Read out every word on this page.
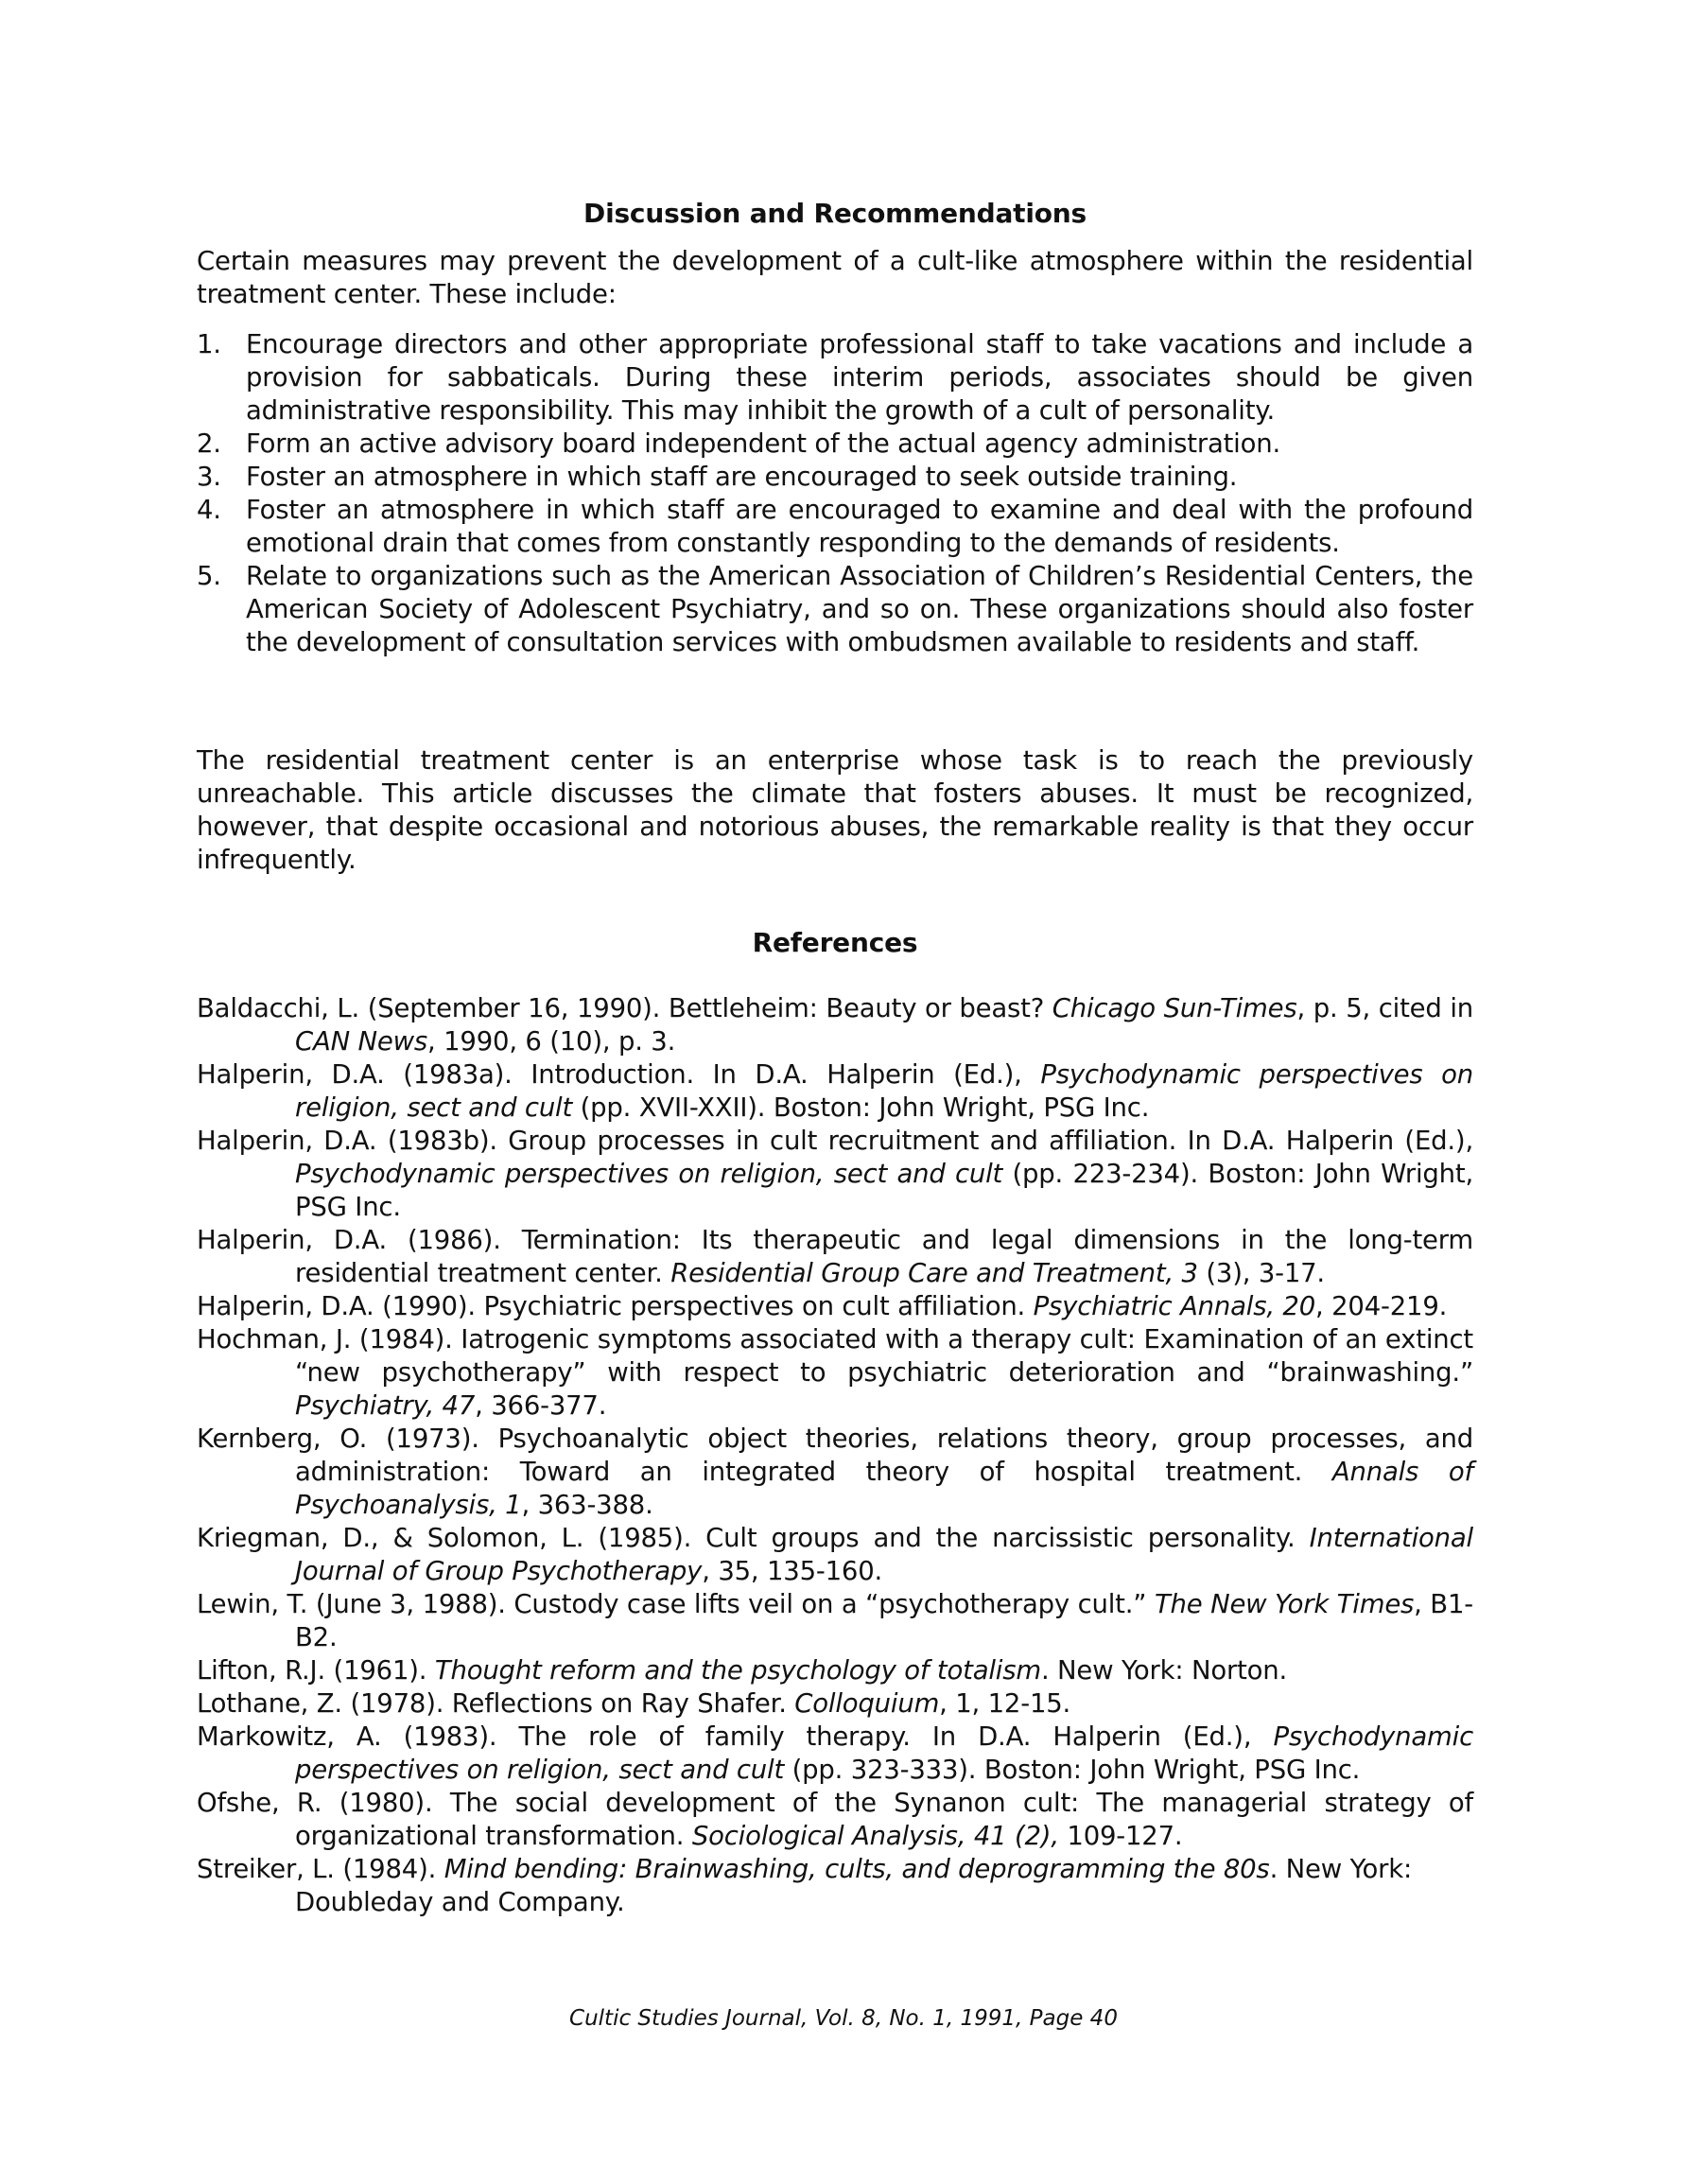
Discussion and Recommendations

Certain measures may prevent the development of a cult-like atmosphere within the residential treatment center. These include:

1. Encourage directors and other appropriate professional staff to take vacations and include a provision for sabbaticals. During these interim periods, associates should be given administrative responsibility. This may inhibit the growth of a cult of personality.
2. Form an active advisory board independent of the actual agency administration.
3. Foster an atmosphere in which staff are encouraged to seek outside training.
4. Foster an atmosphere in which staff are encouraged to examine and deal with the profound emotional drain that comes from constantly responding to the demands of residents.
5. Relate to organizations such as the American Association of Children’s Residential Centers, the American Society of Adolescent Psychiatry, and so on. These organizations should also foster the development of consultation services with ombudsmen available to residents and staff.

The residential treatment center is an enterprise whose task is to reach the previously unreachable. This article discusses the climate that fosters abuses. It must be recognized, however, that despite occasional and notorious abuses, the remarkable reality is that they occur infrequently.

References
Baldacchi, L. (September 16, 1990). Bettleheim: Beauty or beast? Chicago Sun-Times, p. 5, cited in CAN News, 1990, 6 (10), p. 3.
Halperin, D.A. (1983a). Introduction. In D.A. Halperin (Ed.), Psychodynamic perspectives on religion, sect and cult (pp. XVII-XXII). Boston: John Wright, PSG Inc.
Halperin, D.A. (1983b). Group processes in cult recruitment and affiliation. In D.A. Halperin (Ed.), Psychodynamic perspectives on religion, sect and cult (pp. 223-234). Boston: John Wright, PSG Inc.
Halperin, D.A. (1986). Termination: Its therapeutic and legal dimensions in the long-term residential treatment center. Residential Group Care and Treatment, 3 (3), 3-17.
Halperin, D.A. (1990). Psychiatric perspectives on cult affiliation. Psychiatric Annals, 20, 204-219.
Hochman, J. (1984). Iatrogenic symptoms associated with a therapy cult: Examination of an extinct “new psychotherapy” with respect to psychiatric deterioration and “brainwashing.” Psychiatry, 47, 366-377.
Kernberg, O. (1973). Psychoanalytic object theories, relations theory, group processes, and administration: Toward an integrated theory of hospital treatment. Annals of Psychoanalysis, 1, 363-388.
Kriegman, D., & Solomon, L. (1985). Cult groups and the narcissistic personality. International Journal of Group Psychotherapy, 35, 135-160.
Lewin, T. (June 3, 1988). Custody case lifts veil on a “psychotherapy cult.” The New York Times, B1-B2.
Lifton, R.J. (1961). Thought reform and the psychology of totalism. New York: Norton.
Lothane, Z. (1978). Reflections on Ray Shafer. Colloquium, 1, 12-15.
Markowitz, A. (1983). The role of family therapy. In D.A. Halperin (Ed.), Psychodynamic perspectives on religion, sect and cult (pp. 323-333). Boston: John Wright, PSG Inc.
Ofshe, R. (1980). The social development of the Synanon cult: The managerial strategy of organizational transformation. Sociological Analysis, 41 (2), 109-127.
Streiker, L. (1984). Mind bending: Brainwashing, cults, and deprogramming the 80s. New York: Doubleday and Company.
Cultic Studies Journal, Vol. 8, No. 1, 1991, Page 40
